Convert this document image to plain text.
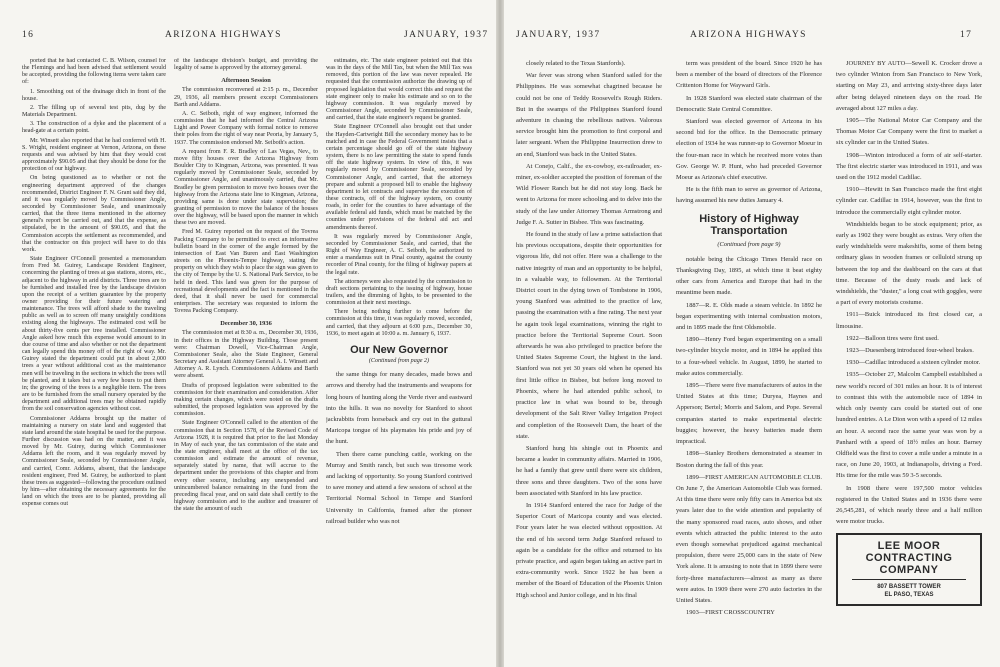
16	ARIZONA HIGHWAYS	JANUARY, 1937

ported that he had contacted C. B. Wilson, counsel for the Flemings and had been advised that settlement would be accepted, providing the following items were taken care of:

1. Smoothing out of the drainage ditch in front of the house.

2. The filling up of several test pits, dug by the Materials Department.

3. The construction of a dyke and the placement of a head-gate at a certain point.

Mr. Winsett also reported that he had conferred with H. S. Wright, resident engineer at Vernon, Arizona, on these requests and was advised by him that they would cost approximately $90.05 and that they should be done for the protection of our highway.

On being questioned as to whether or not the engineering department approved of the changes recommended, District Engineer F. N. Grant said they did, and it was regularly moved by Commissioner Angle, seconded by Commissioner Seale, and unanimously carried, that the three items mentioned in the attorney general's report be carried out, and that the expense, as stipulated, be in the amount of $90.05, and that the Commission accepts the settlement as recommended, and that the contractor on this project will have to do this work.

State Engineer O'Connell presented a memorandum from Fred M. Guirey, Landscape Resident Engineer, concerning the planting of trees at gas stations, stores, etc., adjacent to the highway in arid districts. Three trees are to be furnished and installed free by the landscape division upon the receipt of a written guarantee by the property owner providing for their future watering and maintenance. The trees will afford shade to the traveling public as well as to screen off many unsightly conditions existing along the highways. The estimated cost will be about thirty-five cents per tree installed. Commissioner Angle asked how much this expense would amount to in due course of time and also whether or not the department can legally spend this money off of the right of way. Mr. Guirey stated the department could put in about 2,000 trees a year without additional cost as the maintenance men will be traveling in the sections in which the trees will be planted, and it takes but a very few hours to put them in; the growing of the trees is a negligible item. The trees are to be furnished from the small nursery operated by the department and additional trees may be obtained rapidly from the soil conservation agencies without cost.

Commissioner Addams brought up the matter of maintaining a nursery on state land and suggested that state land around the state hospital be used for the purpose. Further discussion was had on the matter, and it was moved by Mr. Guirey, during which Commissioner Addams left the room, and it was regularly moved by Commissioner Seale, seconded by Commissioner Angle, and carried, Comr. Addams, absent, that the landscape resident engineer, Fred M. Guirey, be authorized to plant these trees as suggested—following the procedure outlined by him—after obtaining the necessary agreements for the land on which the trees are to be planted, providing all expense comes out

of the landscape division's budget, and providing the legality of same is approved by the attorney general.

Afternoon Session

The commission reconvened at 2:15 p. m., December 29, 1936, all members present except Commissioners Barth and Addams.

A. C. Seiboth, right of way engineer, informed the commission that he had informed the Central Arizona Light and Power Company with formal notice to remove their poles from the right of way near Peoria, by January 5, 1937. The commission endorsed Mr. Seiboth's action.

A request from F. R. Bradley of Las Vegas, Nev., to move fifty houses over the Arizona Highway from Boulder City to Kingman, Arizona, was presented. It was regularly moved by Commissioner Seale, seconded by Commissioner Angle, and unanimously carried, that Mr. Bradley be given permission to move two houses over the highway from the Arizona state line to Kingman, Arizona, providing same is done under state supervision; the granting of permission to move the balance of the houses over the highway, will be based upon the manner in which these two are moved.

Fred M. Guirey reported on the request of the Tovrea Packing Company to be permitted to erect an informative bulletin board in the corner of the angle formed by the intersection of East Van Buren and East Washington streets on the Phoenix-Tempe highway, stating the property on which they wish to place the sign was given to the city of Tempe by the U. S. National Park Service, to be held in deed. This land was given for the purpose of recreational developments and the fact is mentioned in the deed, that it shall never be used for commercial enterprises. The secretary was requested to inform the Tovrea Packing Company.

December 30, 1936

The commission met at 8:30 a. m., December 30, 1936, in their offices in the Highway Building. Those present were: Chairman Dowell, Vice-Chairman Angle, Commissioner Seale, also the State Engineer, General Secretary and Assistant Attorney General A. I. Winsett and Attorney A. R. Lynch. Commissioners Addams and Barth were absent.

Drafts of proposed legislation were submitted to the commission for their examination and consideration. After making certain changes, which were noted on the drafts submitted, the proposed legislation was approved by the commission.

State Engineer O'Connell called to the attention of the commission that in Section 1578, of the Revised Code of Arizona 1928, it is required that prior to the last Monday in May of each year, the tax commission of the state and the state engineer, shall meet at the office of the tax commission and estimate the amount of revenue, separately stated by name, that will accrue to the department under the provisions of this chapter and from every other source, including any unexpended and unincumbered balance remaining in the fund from the preceding fiscal year, and on said date shall certify to the highway commission and to the auditor and treasurer of the state the amount of such

estimates, etc. The state engineer pointed out that this was in the days of the Mill Tax, but when the Mill Tax was removed, this portion of the law was never repealed. He requested that the commission authorize the drawing up of proposed legislation that would correct this and request the state engineer only to make his estimate and so on to the highway commission. It was regularly moved by Commissioner Angle, seconded by Commissioner Seale, and carried, that the state engineer's request be granted.

State Engineer O'Connell also brought out that under the Hayden-Cartwright Bill the secondary money has to be matched and in case the Federal Government insists that a certain percentage should go off of the state highway system, there is no law permitting the state to spend funds off the state highway system. In view of this, it was regularly moved by Commissioner Seale, seconded by Commissioner Angle, and carried, that the attorneys prepare and submit a proposed bill to enable the highway department to let contracts and supervise the execution of these contracts, off of the highway system, on county roads, in order for the counties to have advantage of the available federal aid funds, which must be matched by the counties under provisions of the federal aid act and amendments thereof.

It was regularly moved by Commissioner Angle, seconded by Commissioner Seale, and carried, that the Right of Way Engineer, A. C. Seiboth, be authorized to enter a mandamus suit in Pinal county, against the county recorder of Pinal county, for the filing of highway papers at the legal rate.

The attorneys were also requested by the commission to draft sections pertaining to the issuing of highway, house trailers, and the dimming of lights, to be presented to the commission at their next meetings.

There being nothing further to come before the commission at this time, it was regularly moved, seconded, and carried, that they adjourn at 6:00 p.m., December 30, 1936, to meet again at 10:00 a. m. January 6, 1937.

Our New Governor

(Continued from page 2)

the same things for many decades, made bows and arrows and thereby had the instruments and weapons for long hours of hunting along the Verde river and eastward into the hills. It was no novelty for Stanford to shoot jackrabbits from horseback and cry out in the guttural Maricopa tongue of his playmates his pride and joy of the hunt.

Then there came punching cattle, working on the Murray and Smith ranch, but such was tiresome work and lacking of opportunity. So young Stanford contrived to save money and attend a few sessions of school at the Territorial Normal School in Tempe and Stanford University in California, framed after the pioneer railroad builder who was not

JANUARY, 1937	ARIZONA HIGHWAYS	17

closely related to the Texas Stanfords).

War fever was strong when Stanford sailed for the Philippines. He was somewhat chagrined because he could not be one of Teddy Roosevelt's Rough Riders. But in the swamps of the Philippines Stanford found adventure in chasing the rebellious natives. Valorous service brought him the promotion to first corporal and later sergeant. When the Philippine Insurrection drew to an end, Stanford was back in the United States.

At Conejo, Calif., the ex-cowboy, ex-railroader, ex-miner, ex-soldier accepted the position of foreman of the Wild Flower Ranch but he did not stay long. Back he went to Arizona for more schooling and to delve into the study of the law under Attorney Thomas Armstrong and Judge F. A. Sutter in Bisbee. This was fascinating.

He found in the study of law a prime satisfaction that his previous occupations, despite their opportunities for vigorous life, did not offer. Here was a challenge to the native integrity of man and an opportunity to be helpful, in a valuable way, to followmen. At the Territorial District court in the dying town of Tombstone in 1906, young Stanford was admitted to the practice of law, passing the examination with a fine rating. The next year he again took legal examinations, winning the right to practice before the Territorial Supreme Court. Soon afterwards he was also privileged to practice before the United States Supreme Court, the highest in the land. Stanford was not yet 30 years old when he opened his first little office in Bisbee, but before long moved to Phoenix, where he had attended public school, to practice law in what was bound to be, through development of the Salt River Valley Irrigation Project and completion of the Roosevelt Dam, the heart of the state.

Stanford hung his shingle out in Phoenix and became a leader in community affairs. Married in 1906, he had a family that grew until there were six children, three sons and three daughters. Two of the sons have been associated with Stanford in his law practice.

In 1914 Stanford entered the race for Judge of the Superior Court of Maricopa county and was elected. Four years later he was elected without opposition. At the end of his second term Judge Stanford refused to again be a candidate for the office and returned to his private practice, and again began taking an active part in extra-community work. Since 1922 he has been a member of the Board of Education of the Phoenix Union High school and Junior college, and in his final

term was president of the board. Since 1920 he has been a member of the board of directors of the Florence Crittenton Home for Wayward Girls.

In 1928 Stanford was elected state chairman of the Democratic State Central Committee.

Stanford was elected governor of Arizona in his second bid for the office. In the Democratic primary election of 1934 he was runner-up to Governor Moeur in the four-man race in which he received more votes than Gov. George W. P. Hunt, who had preceded Governor Moeur as Arizona's chief executive.

He is the fifth man to serve as governor of Arizona, having assumed his new duties January 4.

History of Highway Transportation

(Continued from page 9)

notable being the Chicago Times Herald race on Thanksgiving Day, 1895, at which time it beat eighty other cars from America and Europe that had in the meantime been made.

1887—R. E. Olds made a steam vehicle. In 1892 he began experimenting with internal combustion motors, and in 1895 made the first Oldsmobile.

1890—Henry Ford began experimenting on a small two-cylinder bicycle motor, and in 1894 he applied this to a four-wheel vehicle. In August, 1899, he started to make autos commercially.

1895—There were five manufacturers of autos in the United States at this time; Duryea, Haynes and Apperson; Bertel; Morris and Salom, and Pope. Several companies started to make experimental electric buggies; however, the heavy batteries made them impractical.

1898—Stanley Brothers demonstrated a steamer in Boston during the fall of this year.

1899—FIRST AMERICAN AUTOMOBILE CLUB. On June 7, the American Automobile Club was formed. At this time there were only fifty cars in America but six years later due to the wide attention and popularity of the many sponsored road races, auto shows, and other events which attracted the public interest to the auto even though somewhat prejudiced against mechanical propulsion, there were 25,000 cars in the state of New York alone. It is amusing to note that in 1899 there were forty-three manufacturers—almost as many as there were autos. In 1909 there were 270 auto factories in the United States.

1903—FIRST CROSSCOUNTRY

JOURNEY BY AUTO—Sewell K. Crocker drove a two cylinder Winton from San Francisco to New York, starting on May 23, and arriving sixty-three days later after being delayed nineteen days on the road. He averaged about 127 miles a day.

1905—The National Motor Car Company and the Thomas Motor Car Company were the first to market a six cylinder car in the United States.

1908—Winton introduced a form of air self-starter. The first electric starter was introduced in 1911, and was used on the 1912 model Cadillac.

1910—Hewitt in San Francisco made the first eight cylinder car. Cadillac in 1914, however, was the first to introduce the commercially eight cylinder motor.

Windshields began to be stock equipment; prior, as early as 1902 they were bought as extras. Very often the early windshields were makeshifts, some of them being ordinary glass in wooden frames or celluloid strung up between the top and the dashboard on the cars at that time. Because of the dusty roads and lack of windshields, the "duster," a long coat with goggles, were a part of every motorists costume.

1911—Buick introduced its first closed car, a limousine.

1922—Balloon tires were first used.

1923—Duesenberg introduced four-wheel brakes.

1930—Cadillac introduced a sixteen cylinder motor.

1935—October 27, Malcolm Campbell established a new world's record of 301 miles an hour. It is of interest to contrast this with the automobile race of 1894 in which only twenty cars could be started out of one hundred entries. A Le Dion won with a speed of 12 miles an hour. A second race the same year was won by a Panhard with a speed of 18½ miles an hour. Barney Oldfield was the first to cover a mile under a minute in a race, on June 20, 1903, at Indianapolis, driving a Ford. His time for the mile was 59 3-5 seconds.

In 1908 there were 197,500 motor vehicles registered in the United States and in 1936 there were 26,545,281, of which nearly three and a half million were motor trucks.

LEE MOOR
CONTRACTING
COMPANY
807 BASSETT TOWER
EL PASO, TEXAS
